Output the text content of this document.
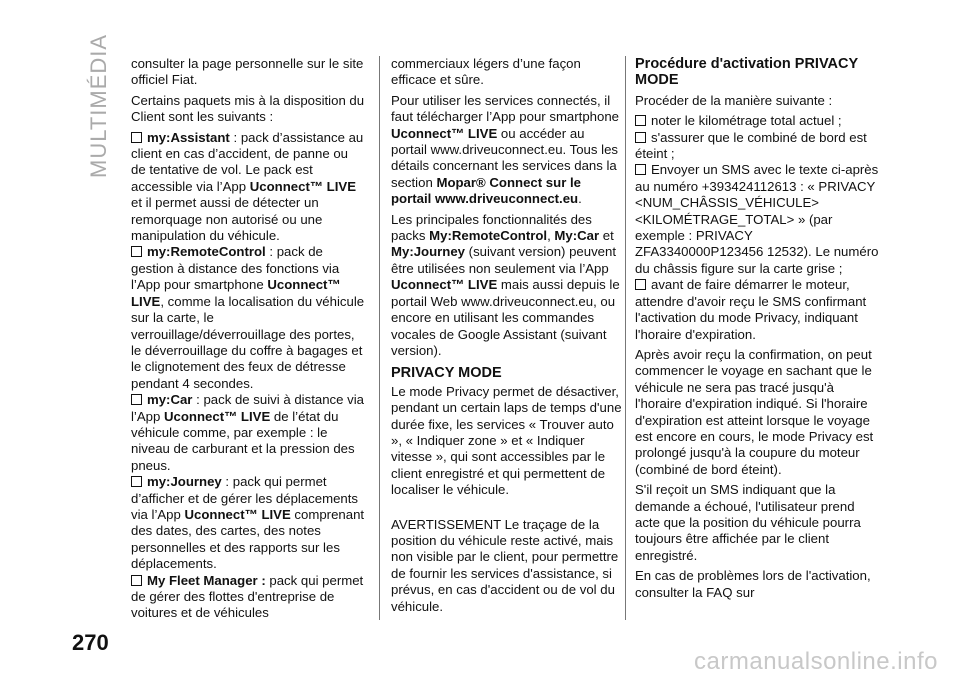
MULTIMÉDIA consulter la page personnelle sur le site officiel Fiat.

Certains paquets mis à la disposition du Client sont les suivants :

my:Assistant : pack d’assistance au client en cas d’accident, de panne ou de tentative de vol. Le pack est accessible via l’App Uconnect™ LIVE et il permet aussi de détecter un remorquage non autorisé ou une manipulation du véhicule.

my:RemoteControl : pack de gestion à distance des fonctions via l’App pour smartphone Uconnect™ LIVE, comme la localisation du véhicule sur la carte, le verrouillage/déverrouillage des portes, le déverrouillage du coffre à bagages et le clignotement des feux de détresse pendant 4 secondes.

my:Car : pack de suivi à distance via l’App Uconnect™ LIVE de l’état du véhicule comme, par exemple : le niveau de carburant et la pression des pneus.

my:Journey : pack qui permet d’afficher et de gérer les déplacements via l’App Uconnect™ LIVE comprenant des dates, des cartes, des notes personnelles et des rapports sur les déplacements.

My Fleet Manager : pack qui permet de gérer des flottes d'entreprise de voitures et de véhicules

commerciaux légers d’une façon efficace et sûre.

Pour utiliser les services connectés, il faut télécharger l’App pour smartphone Uconnect™ LIVE ou accéder au portail www.driveuconnect.eu. Tous les détails concernant les services dans la section Mopar® Connect sur le portail www.driveuconnect.eu.

Les principales fonctionnalités des packs My:RemoteControl, My:Car et My:Journey (suivant version) peuvent être utilisées non seulement via l’App Uconnect™ LIVE mais aussi depuis le portail Web www.driveuconnect.eu, ou encore en utilisant les commandes vocales de Google Assistant (suivant version).

PRIVACY MODE

Le mode Privacy permet de désactiver, pendant un certain laps de temps d'une durée fixe, les services « Trouver auto », « Indiquer zone » et « Indiquer vitesse », qui sont accessibles par le client enregistré et qui permettent de localiser le véhicule.

AVERTISSEMENT Le traçage de la position du véhicule reste activé, mais non visible par le client, pour permettre de fournir les services d'assistance, si prévus, en cas d'accident ou de vol du véhicule.

Procédure d'activation PRIVACY MODE

Procéder de la manière suivante :

noter le kilométrage total actuel ;

s'assurer que le combiné de bord est éteint ;

Envoyer un SMS avec le texte ci-après au numéro +393424112613 : « PRIVACY <NUM_CHÂSSIS_VÉHICULE> <KILOMÉTRAGE_TOTAL> » (par exemple : PRIVACY ZFA3340000P123456 12532). Le numéro du châssis figure sur la carte grise ;

avant de faire démarrer le moteur, attendre d'avoir reçu le SMS confirmant l'activation du mode Privacy, indiquant l'horaire d'expiration.

Après avoir reçu la confirmation, on peut commencer le voyage en sachant que le véhicule ne sera pas tracé jusqu'à l'horaire d'expiration indiqué. Si l'horaire d'expiration est atteint lorsque le voyage est encore en cours, le mode Privacy est prolongé jusqu'à la coupure du moteur (combiné de bord éteint).

S'il reçoit un SMS indiquant que la demande a échoué, l'utilisateur prend acte que la position du véhicule pourra toujours être affichée par le client enregistré.

En cas de problèmes lors de l'activation, consulter la FAQ sur

270
carmanualsonline.info
